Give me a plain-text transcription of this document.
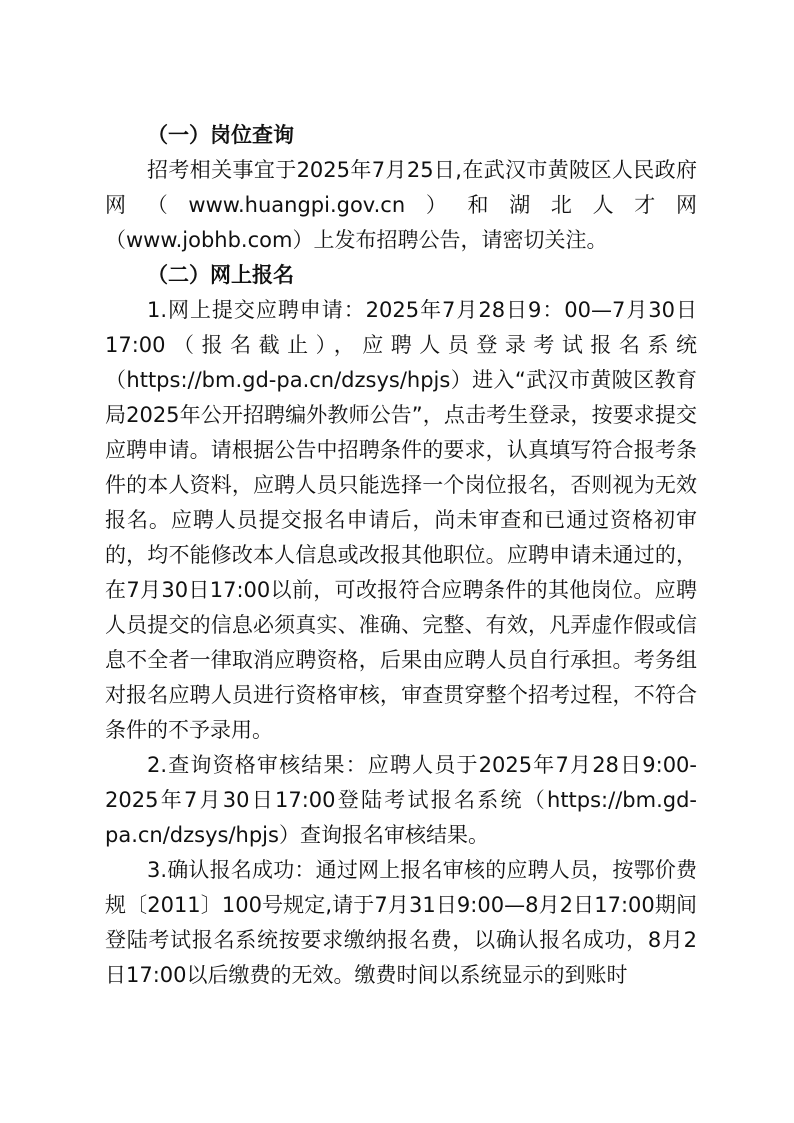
（一）岗位查询

招考相关事宜于2025年7月25日,在武汉市黄陂区人民政府网（www.huangpi.gov.cn）和湖北人才网（www.jobhb.com）上发布招聘公告，请密切关注。

（二）网上报名

1.网上提交应聘申请：2025年7月28日9：00—7月30日17:00（报名截止），应聘人员登录考试报名系统（https://bm.gd-pa.cn/dzsys/hpjs）进入“武汉市黄陂区教育局2025年公开招聘编外教师公告”，点击考生登录，按要求提交应聘申请。请根据公告中招聘条件的要求，认真填写符合报考条件的本人资料，应聘人员只能选择一个岗位报名，否则视为无效报名。应聘人员提交报名申请后，尚未审查和已通过资格初审的，均不能修改本人信息或改报其他职位。应聘申请未通过的，在7月30日17:00以前，可改报符合应聘条件的其他岗位。应聘人员提交的信息必须真实、准确、完整、有效，凡弄虚作假或信息不全者一律取消应聘资格，后果由应聘人员自行承担。考务组对报名应聘人员进行资格审核，审查贯穿整个招考过程，不符合条件的不予录用。

2.查询资格审核结果：应聘人员于2025年7月28日9:00-2025年7月30日17:00登陆考试报名系统（https://bm.gd-pa.cn/dzsys/hpjs）查询报名审核结果。

3.确认报名成功：通过网上报名审核的应聘人员，按鄂价费规〔2011〕100号规定,请于7月31日9:00—8月2日17:00期间登陆考试报名系统按要求缴纳报名费，以确认报名成功，8月2日17:00以后缴费的无效。缴费时间以系统显示的到账时
